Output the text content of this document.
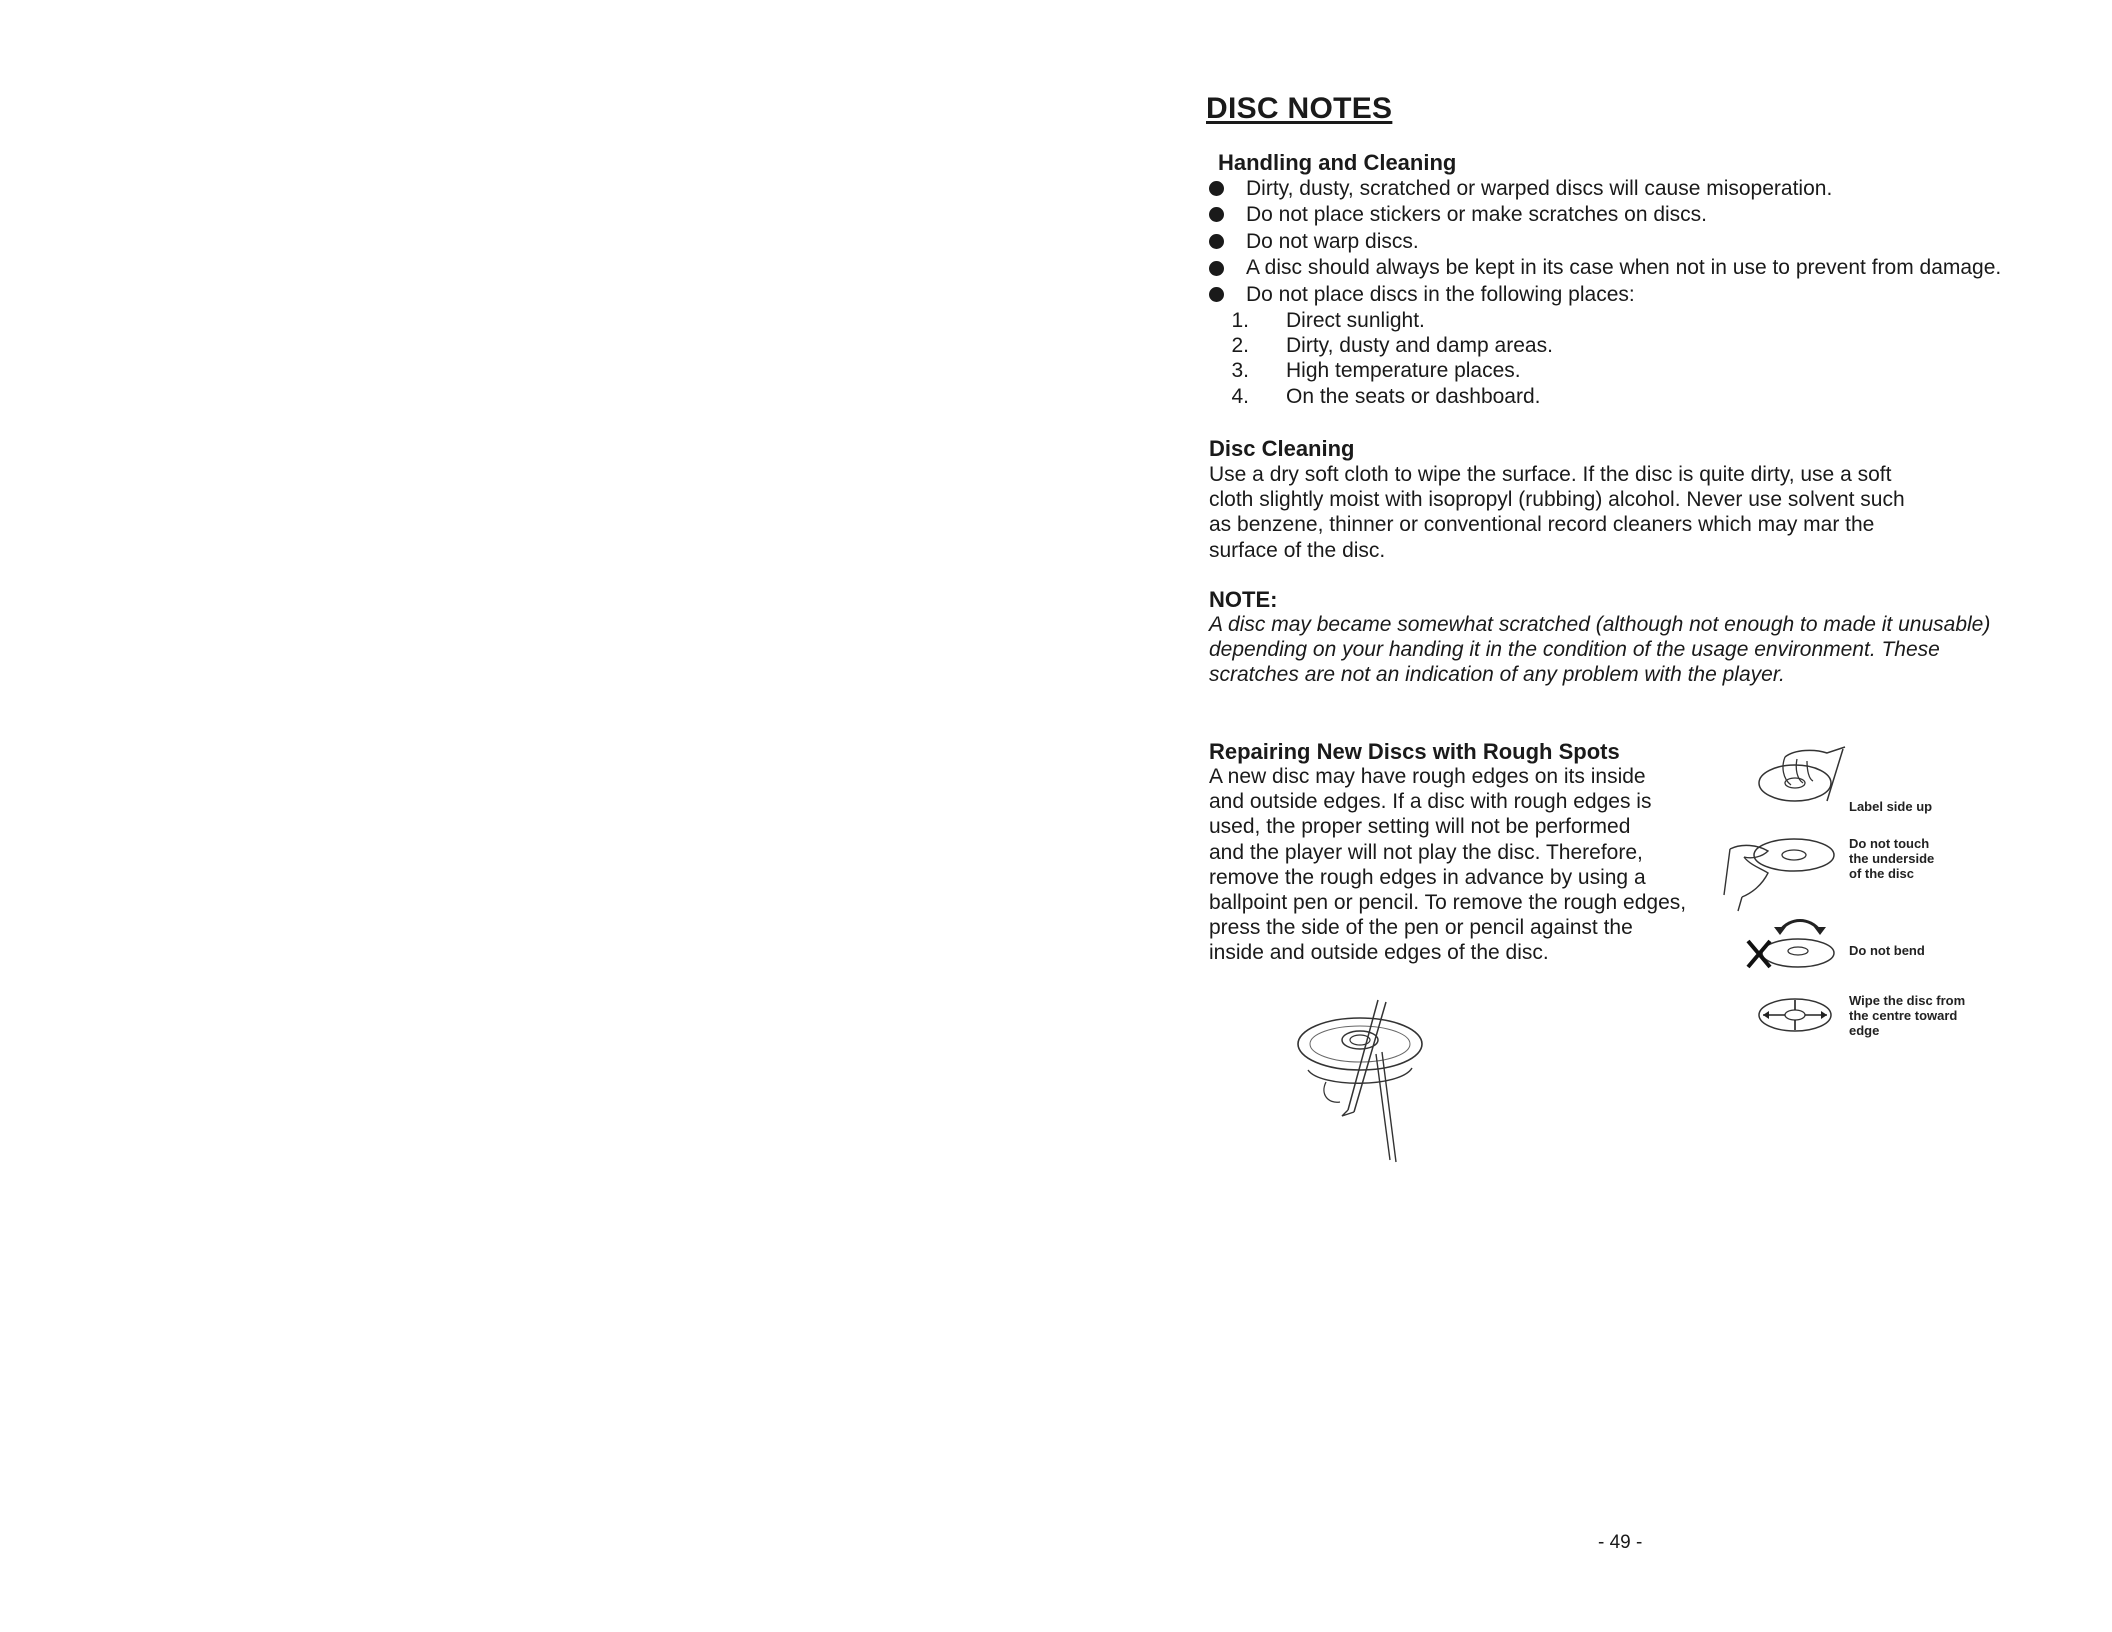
DISC NOTES
Handling and Cleaning
Dirty, dusty, scratched or warped discs will cause misoperation.
Do not place stickers or make scratches on discs.
Do not warp discs.
A disc should always be kept in its case when not in use to prevent from damage.
Do not place discs in the following places:
1. Direct sunlight.
2. Dirty, dusty and damp areas.
3. High temperature places.
4. On the seats or dashboard.
Disc Cleaning
Use a dry soft cloth to wipe the surface. If the disc is quite dirty, use a soft
cloth slightly moist with isopropyl (rubbing) alcohol. Never use solvent such
as benzene, thinner or conventional record cleaners which may mar the
surface of the disc.
NOTE:
A disc may became somewhat scratched (although not enough to made it unusable)
depending on your handing it in the condition of the usage environment. These
scratches are not an indication of any problem with the player.
Repairing New Discs with Rough Spots
A new disc may have rough edges on its inside
and outside edges. If a disc with rough edges is
used, the proper setting will not be performed
and the player will not play the disc. Therefore,
remove the rough edges in advance by using a
ballpoint pen or pencil. To remove the rough edges,
press the side of the pen or pencil against the
inside and outside edges of the disc.
Label side up
Do not touch
the underside
of the disc
Do not bend
Wipe the disc from
the centre toward
edge
- 49 -
